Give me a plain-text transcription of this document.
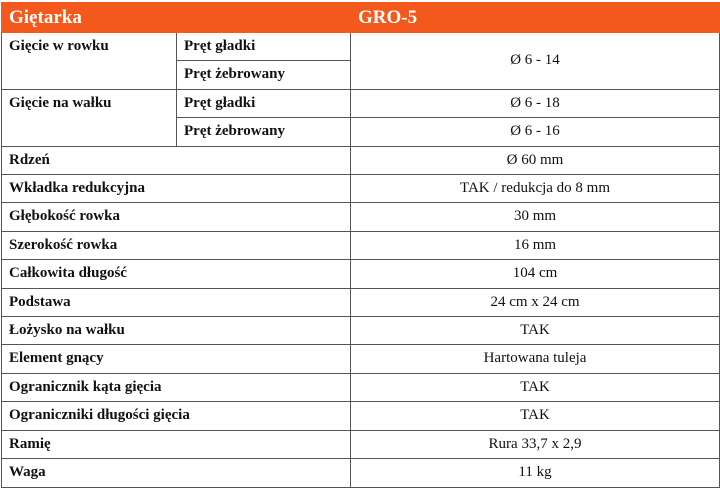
Giętarka		GRO-5
Gięcie w rowku	Pręt gładki	Ø 6 - 14
	Pręt żebrowany	
Gięcie na wałku	Pręt gładki	Ø 6 - 18
	Pręt żebrowany	Ø 6 - 16
Rdzeń		Ø 60 mm
Wkładka redukcyjna		TAK / redukcja do 8 mm
Głębokość rowka		30 mm
Szerokość rowka		16 mm
Całkowita długość		104 cm
Podstawa		24 cm x 24 cm
Łożysko na wałku		TAK
Element gnący		Hartowana tuleja
Ogranicznik kąta gięcia		TAK
Ograniczniki długości gięcia		TAK
Ramię		Rura 33,7 x 2,9
Waga		11 kg
